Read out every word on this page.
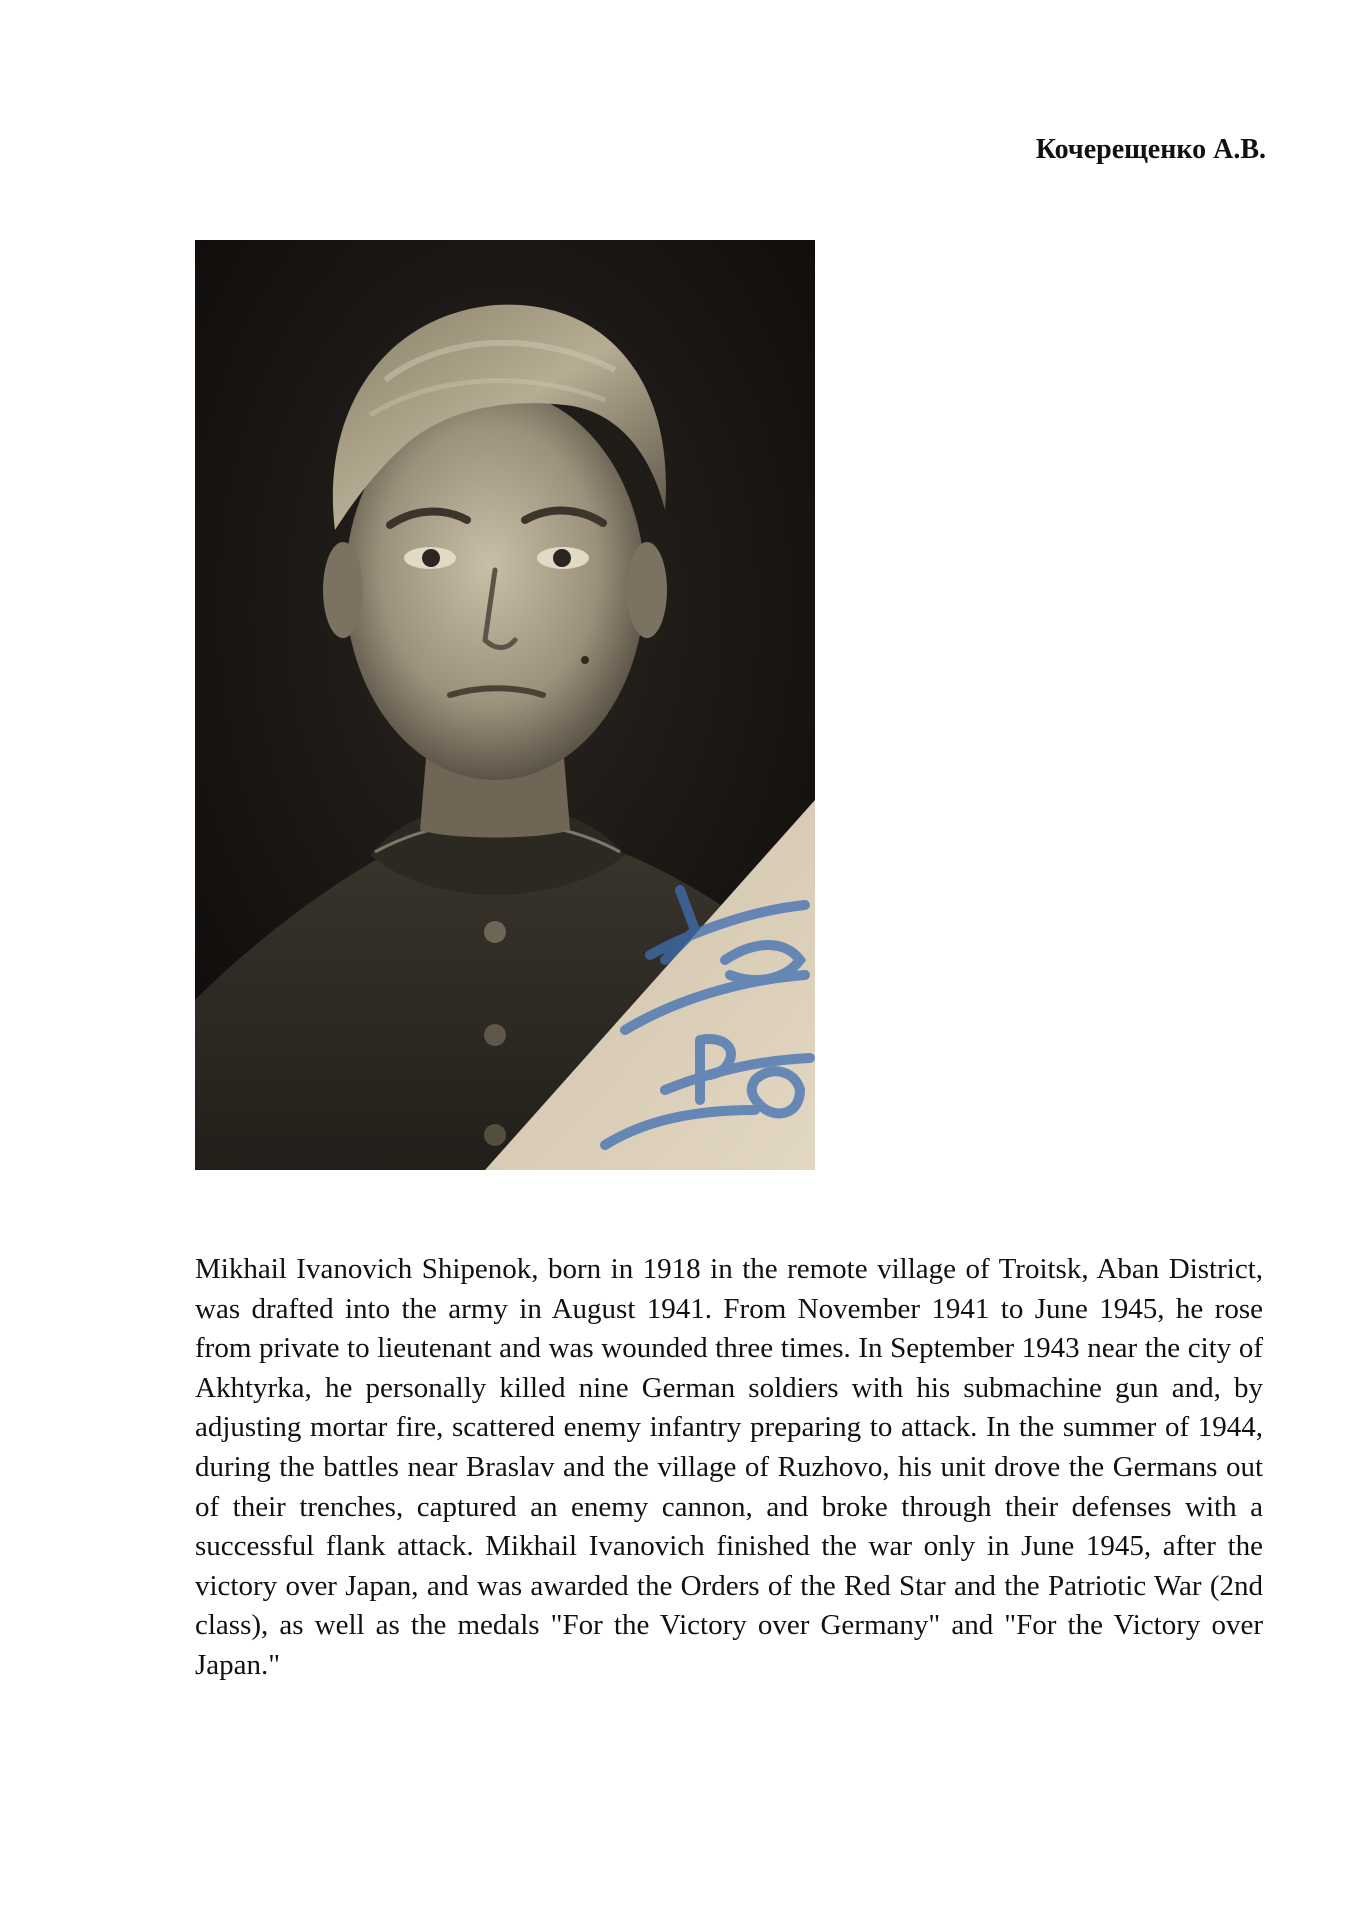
Кочерещенко А.В.

Mikhail Ivanovich Shipenok, born in 1918 in the remote village of Troitsk, Aban District, was drafted into the army in August 1941. From November 1941 to June 1945, he rose from private to lieutenant and was wounded three times. In September 1943 near the city of Akhtyrka, he personally killed nine German soldiers with his submachine gun and, by adjusting mortar fire, scattered enemy infantry preparing to attack. In the summer of 1944, during the battles near Braslav and the village of Ruzhovo, his unit drove the Germans out of their trenches, captured an enemy cannon, and broke through their defenses with a successful flank attack. Mikhail Ivanovich finished the war only in June 1945, after the victory over Japan, and was awarded the Orders of the Red Star and the Patriotic War (2nd class), as well as the medals "For the Victory over Germany" and "For the Victory over Japan."
